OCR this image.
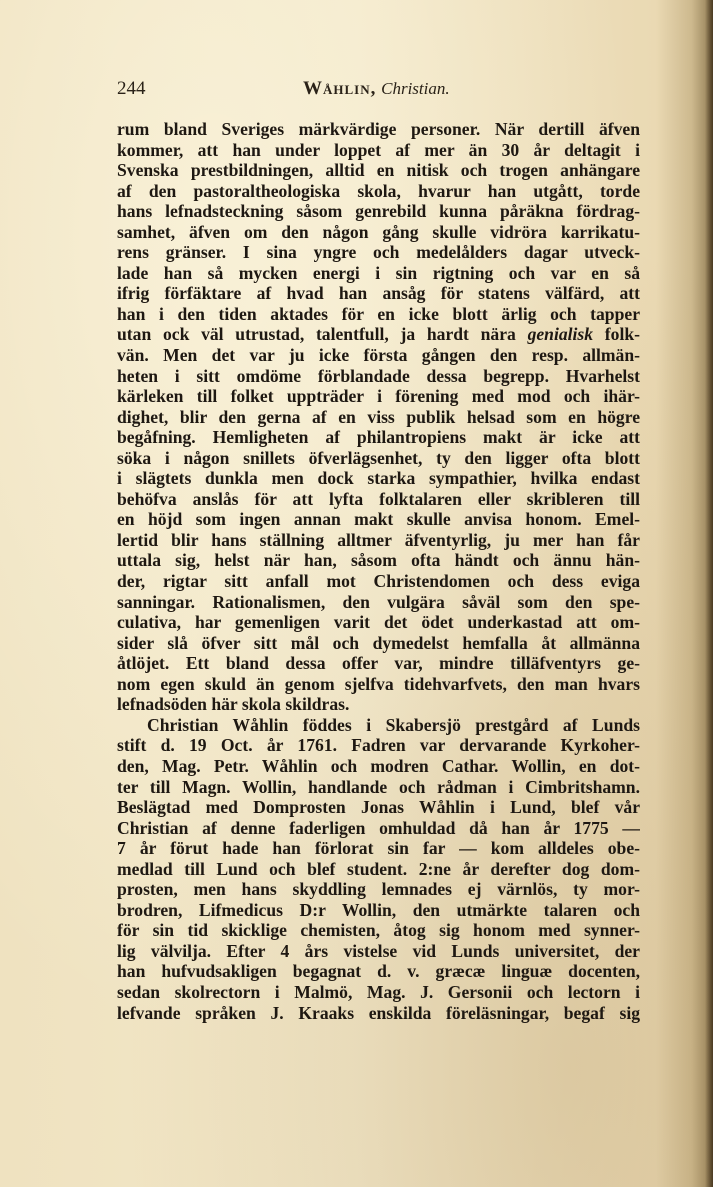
244	Wåhlin, Christian.
rum bland Sveriges märkvärdige personer. När dertill äfven
kommer, att han under loppet af mer än 30 år deltagit i
Svenska prestbildningen, alltid en nitisk och trogen anhängare
af den pastoraltheologiska skola, hvarur han utgått, torde
hans lefnadsteckning såsom genrebild kunna påräkna fördrag-
samhet, äfven om den någon gång skulle vidröra karrikatu-
rens gränser. I sina yngre och medelålders dagar utveck-
lade han så mycken energi i sin rigtning och var en så
ifrig förfäktare af hvad han ansåg för statens välfärd, att
han i den tiden aktades för en icke blott ärlig och tapper
utan ock väl utrustad, talentfull, ja hardt nära genialisk folk-
vän. Men det var ju icke första gången den resp. allmän-
heten i sitt omdöme förblandade dessa begrepp. Hvarhelst
kärleken till folket uppträder i förening med mod och ihär-
dighet, blir den gerna af en viss publik helsad som en högre
begåfning. Hemligheten af philantropiens makt är icke att
söka i någon snillets öfverlägsenhet, ty den ligger ofta blott
i slägtets dunkla men dock starka sympathier, hvilka endast
behöfva anslås för att lyfta folktalaren eller skribleren till
en höjd som ingen annan makt skulle anvisa honom. Emel-
lertid blir hans ställning alltmer äfventyrlig, ju mer han får
uttala sig, helst när han, såsom ofta händt och ännu hän-
der, rigtar sitt anfall mot Christendomen och dess eviga
sanningar. Rationalismen, den vulgära såväl som den spe-
culativa, har gemenligen varit det ödet underkastad att om-
sider slå öfver sitt mål och dymedelst hemfalla åt allmänna
åtlöjet. Ett bland dessa offer var, mindre tilläfventyrs ge-
nom egen skuld än genom sjelfva tidehvarfvets, den man hvars
lefnadsöden här skola skildras.
Christian Wåhlin föddes i Skabersjö prestgård af Lunds
stift d. 19 Oct. år 1761. Fadren var dervarande Kyrkoher-
den, Mag. Petr. Wåhlin och modren Cathar. Wollin, en dot-
ter till Magn. Wollin, handlande och rådman i Cimbritshamn.
Beslägtad med Domprosten Jonas Wåhlin i Lund, blef vår
Christian af denne faderligen omhuldad då han år 1775 —
7 år förut hade han förlorat sin far — kom alldeles obe-
medlad till Lund och blef student. 2:ne år derefter dog dom-
prosten, men hans skyddling lemnades ej värnlös, ty mor-
brodren, Lifmedicus D:r Wollin, den utmärkte talaren och
för sin tid skicklige chemisten, åtog sig honom med synner-
lig välvilja. Efter 4 års vistelse vid Lunds universitet, der
han hufvudsakligen begagnat d. v. græcæ linguæ docenten,
sedan skolrectorn i Malmö, Mag. J. Gersonii och lectorn i
lefvande språken J. Kraaks enskilda föreläsningar, begaf sig
